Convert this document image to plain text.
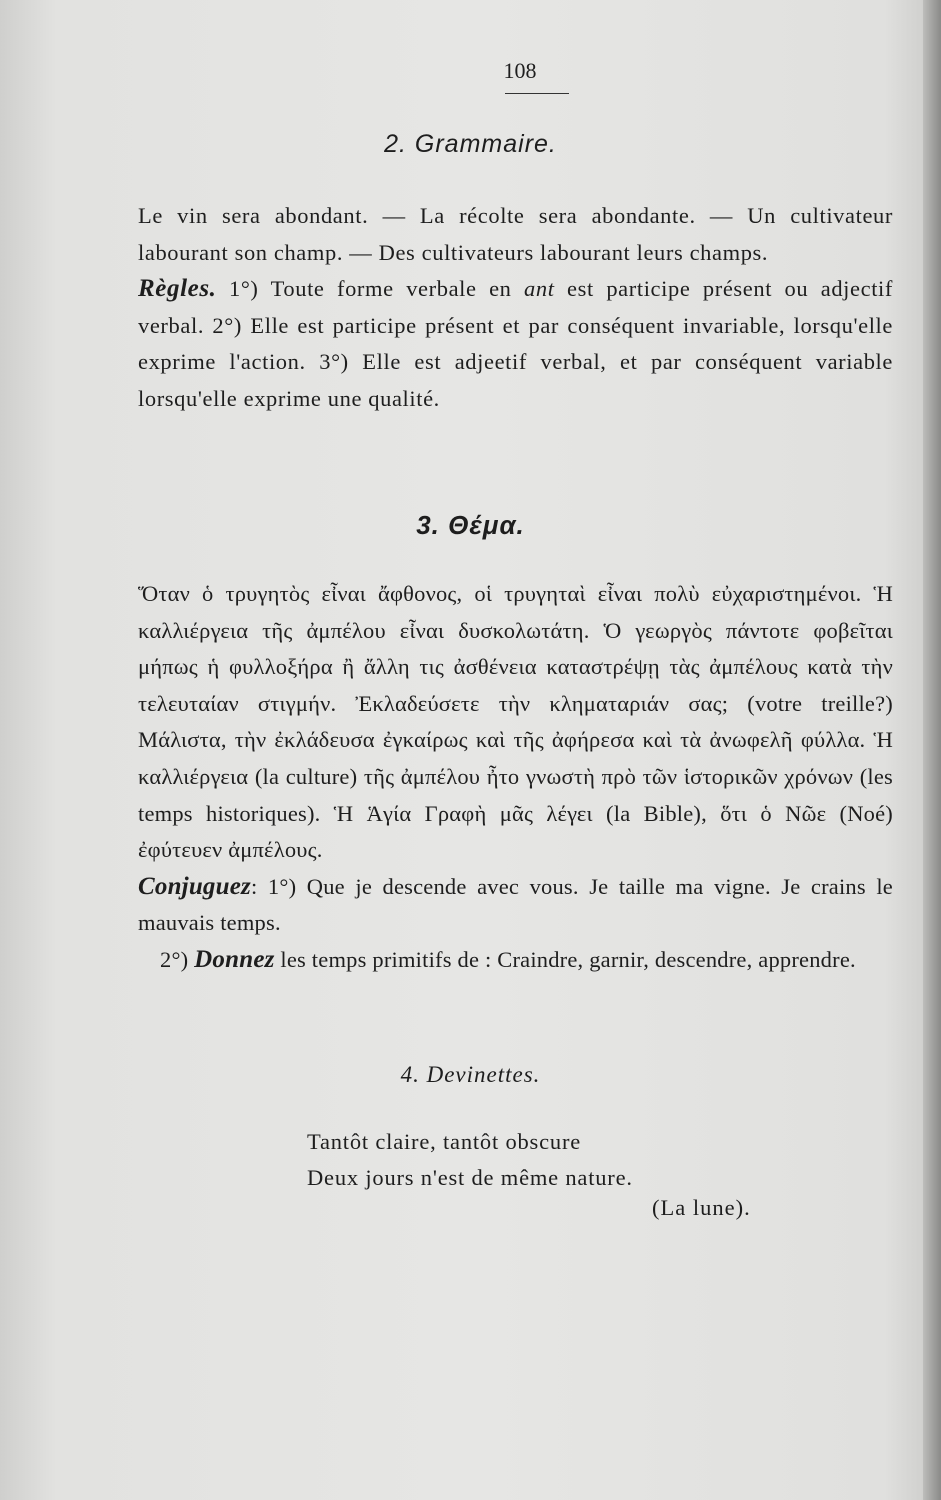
108
2. Grammaire.

Le vin sera abondant. — La récolte sera abondante. — Un cultivateur labourant son champ. — Des cultivateurs labourant leurs champs.

Règles. 1°) Toute forme verbale en ant est participe présent ou adjectif verbal. 2°) Elle est participe présent et par conséquent invariable, lorsqu'elle exprime l'action. 3°) Elle est adjeetif verbal, et par conséquent variable lorsqu'elle exprime une qualité.

3. Θέμα.

Ὅταν ὁ τρυγητὸς εἶναι ἄφθονος, οἱ τρυγηταὶ εἶναι πολὺ εὐχαριστημένοι. Ἡ καλλιέργεια τῆς ἀμπέλου εἶναι δυσκολωτάτη. Ὁ γεωργὸς πάντοτε φοβεῖται μήπως ἡ φυλλοξήρα ἢ ἄλλη τις ἀσθένεια καταστρέψῃ τὰς ἀμπέλους κατὰ τὴν τελευταίαν στιγμήν. Ἐκλαδεύσετε τὴν κληματαριάν σας; (votre treille?) Μάλιστα, τὴν ἐκλάδευσα ἐγκαίρως καὶ τῆς ἀφήρεσα καὶ τὰ ἀνωφελῆ φύλλα. Ἡ καλλιέργεια (la culture) τῆς ἀμπέλου ἦτο γνωστὴ πρὸ τῶν ἱστορικῶν χρόνων (les temps historiques). Ἡ Ἁγία Γραφὴ μᾶς λέγει (la Bible), ὅτι ὁ Νῶε (Noé) ἐφύτευεν ἀμπέλους.

Conjuguez: 1°) Que je descende avec vous. Je taille ma vigne. Je crains le mauvais temps.

2°) Donnez les temps primitifs de : Craindre, garnir, descendre, apprendre.

4. Devinettes.
Tantôt claire, tantôt obscure
Deux jours n'est de même nature.
(La lune).
